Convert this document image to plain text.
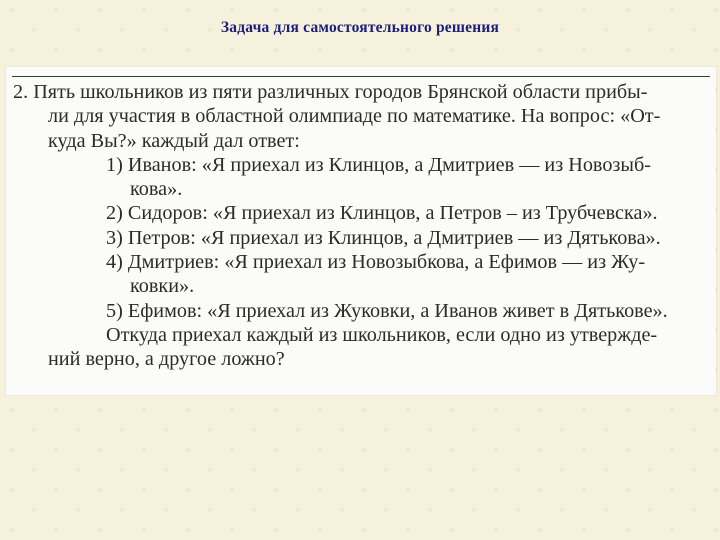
Задача для самостоятельного решения
2. Пять школьников из пяти различных городов Брянской области прибы-
ли для участия в областной олимпиаде по математике. На вопрос: «От-
куда Вы?» каждый дал ответ:
1) Иванов: «Я приехал из Клинцов, а Дмитриев — из Новозыб-
кова».
2) Сидоров: «Я приехал из Клинцов, а Петров – из Трубчевска».
3) Петров: «Я приехал из Клинцов, а Дмитриев — из Дятькова».
4) Дмитриев: «Я приехал из Новозыбкова, а Ефимов — из Жу-
ковки».
5) Ефимов: «Я приехал из Жуковки, а Иванов живет в Дятькове».
Откуда приехал каждый из школьников, если одно из утвержде-
ний верно, а другое ложно?
